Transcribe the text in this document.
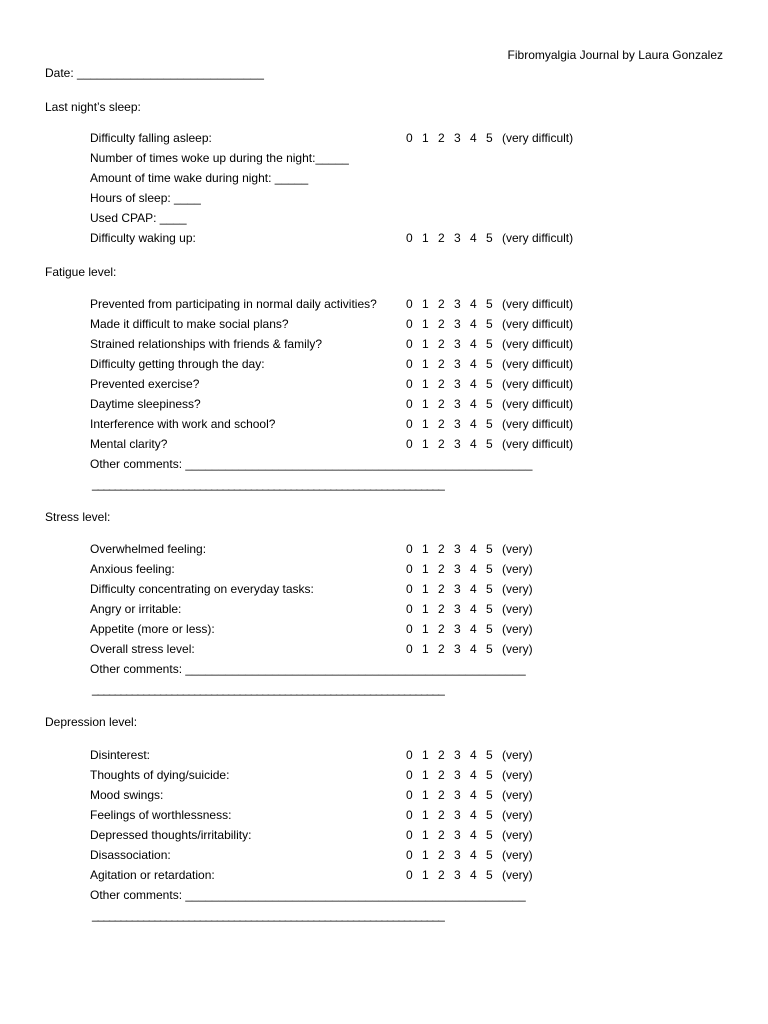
Fibromyalgia Journal by Laura Gonzalez
Date: ____________________________
Last night’s sleep:
Difficulty falling asleep:	0 1 2 3 4 5 (very difficult)
Number of times woke up during the night:_____
Amount of time wake during night: _____
Hours of sleep: ____
Used CPAP: ____
Difficulty waking up:	0 1 2 3 4 5 (very difficult)
Fatigue level:
Prevented from participating in normal daily activities? 0 1 2 3 4 5 (very difficult)
Made it difficult to make social plans?	0 1 2 3 4 5 (very difficult)
Strained relationships with friends & family?	0 1 2 3 4 5 (very difficult)
Difficulty getting through the day:	0 1 2 3 4 5 (very difficult)
Prevented exercise?	0 1 2 3 4 5 (very difficult)
Daytime sleepiness?	0 1 2 3 4 5 (very difficult)
Interference with work and school?	0 1 2 3 4 5 (very difficult)
Mental clarity?	0 1 2 3 4 5 (very difficult)
Other comments: ____________________________________________________
______________________________________________________________
Stress level:
Overwhelmed feeling:	0 1 2 3 4 5 (very)
Anxious feeling:	0 1 2 3 4 5 (very)
Difficulty concentrating on everyday tasks:	0 1 2 3 4 5 (very)
Angry or irritable:	0 1 2 3 4 5 (very)
Appetite (more or less):	0 1 2 3 4 5 (very)
Overall stress level:	0 1 2 3 4 5 (very)
Other comments: ___________________________________________________
______________________________________________________________
Depression level:
Disinterest:	0 1 2 3 4 5 (very)
Thoughts of dying/suicide:	0 1 2 3 4 5 (very)
Mood swings:	0 1 2 3 4 5 (very)
Feelings of worthlessness:	0 1 2 3 4 5 (very)
Depressed thoughts/irritability:	0 1 2 3 4 5 (very)
Disassociation:	0 1 2 3 4 5 (very)
Agitation or retardation:	0 1 2 3 4 5 (very)
Other comments: ___________________________________________________
______________________________________________________________
